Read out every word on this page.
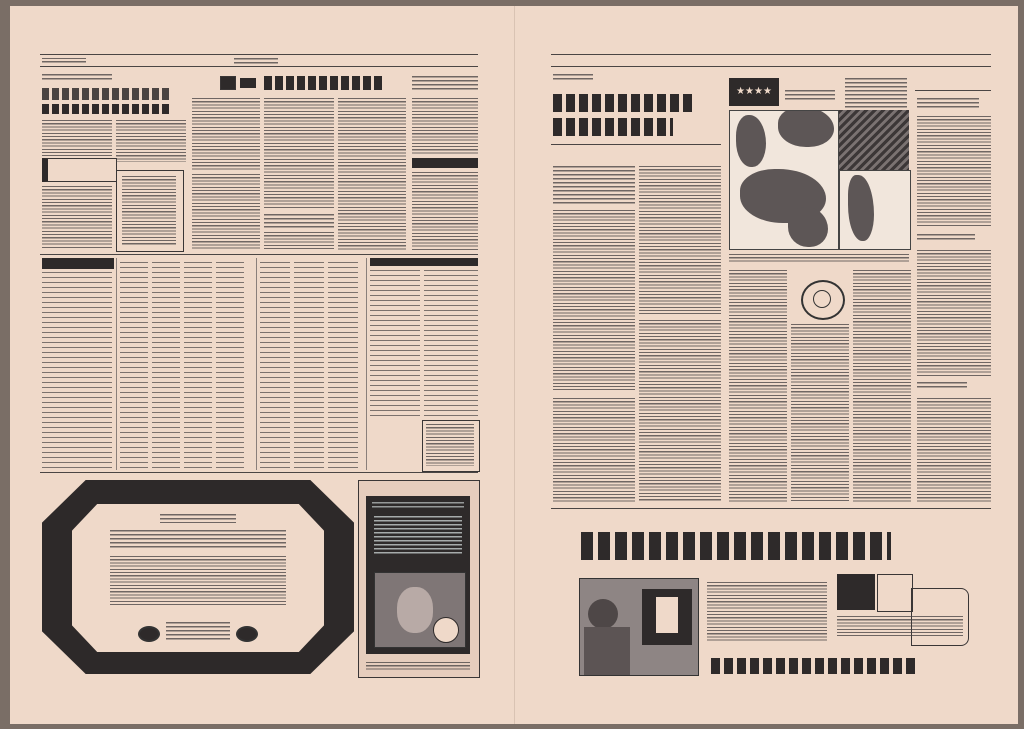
★★★★
